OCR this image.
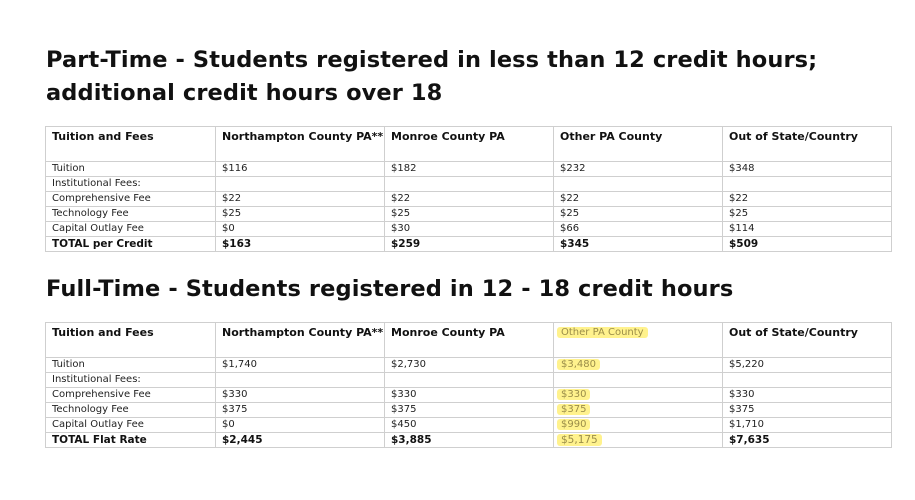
Part-Time - Students registered in less than 12 credit hours; additional credit hours over 18
Tuition and Fees	Northampton County PA**	Monroe County PA	Other PA County	Out of State/Country
Tuition	$116	$182	$232	$348
Institutional Fees:				
Comprehensive Fee	$22	$22	$22	$22
Technology Fee	$25	$25	$25	$25
Capital Outlay Fee	$0	$30	$66	$114
TOTAL per Credit	$163	$259	$345	$509
Full-Time - Students registered in 12 - 18 credit hours
Tuition and Fees	Northampton County PA**	Monroe County PA	Other PA County	Out of State/Country
Tuition	$1,740	$2,730	$3,480	$5,220
Institutional Fees:				
Comprehensive Fee	$330	$330	$330	$330
Technology Fee	$375	$375	$375	$375
Capital Outlay Fee	$0	$450	$990	$1,710
TOTAL Flat Rate	$2,445	$3,885	$5,175	$7,635
